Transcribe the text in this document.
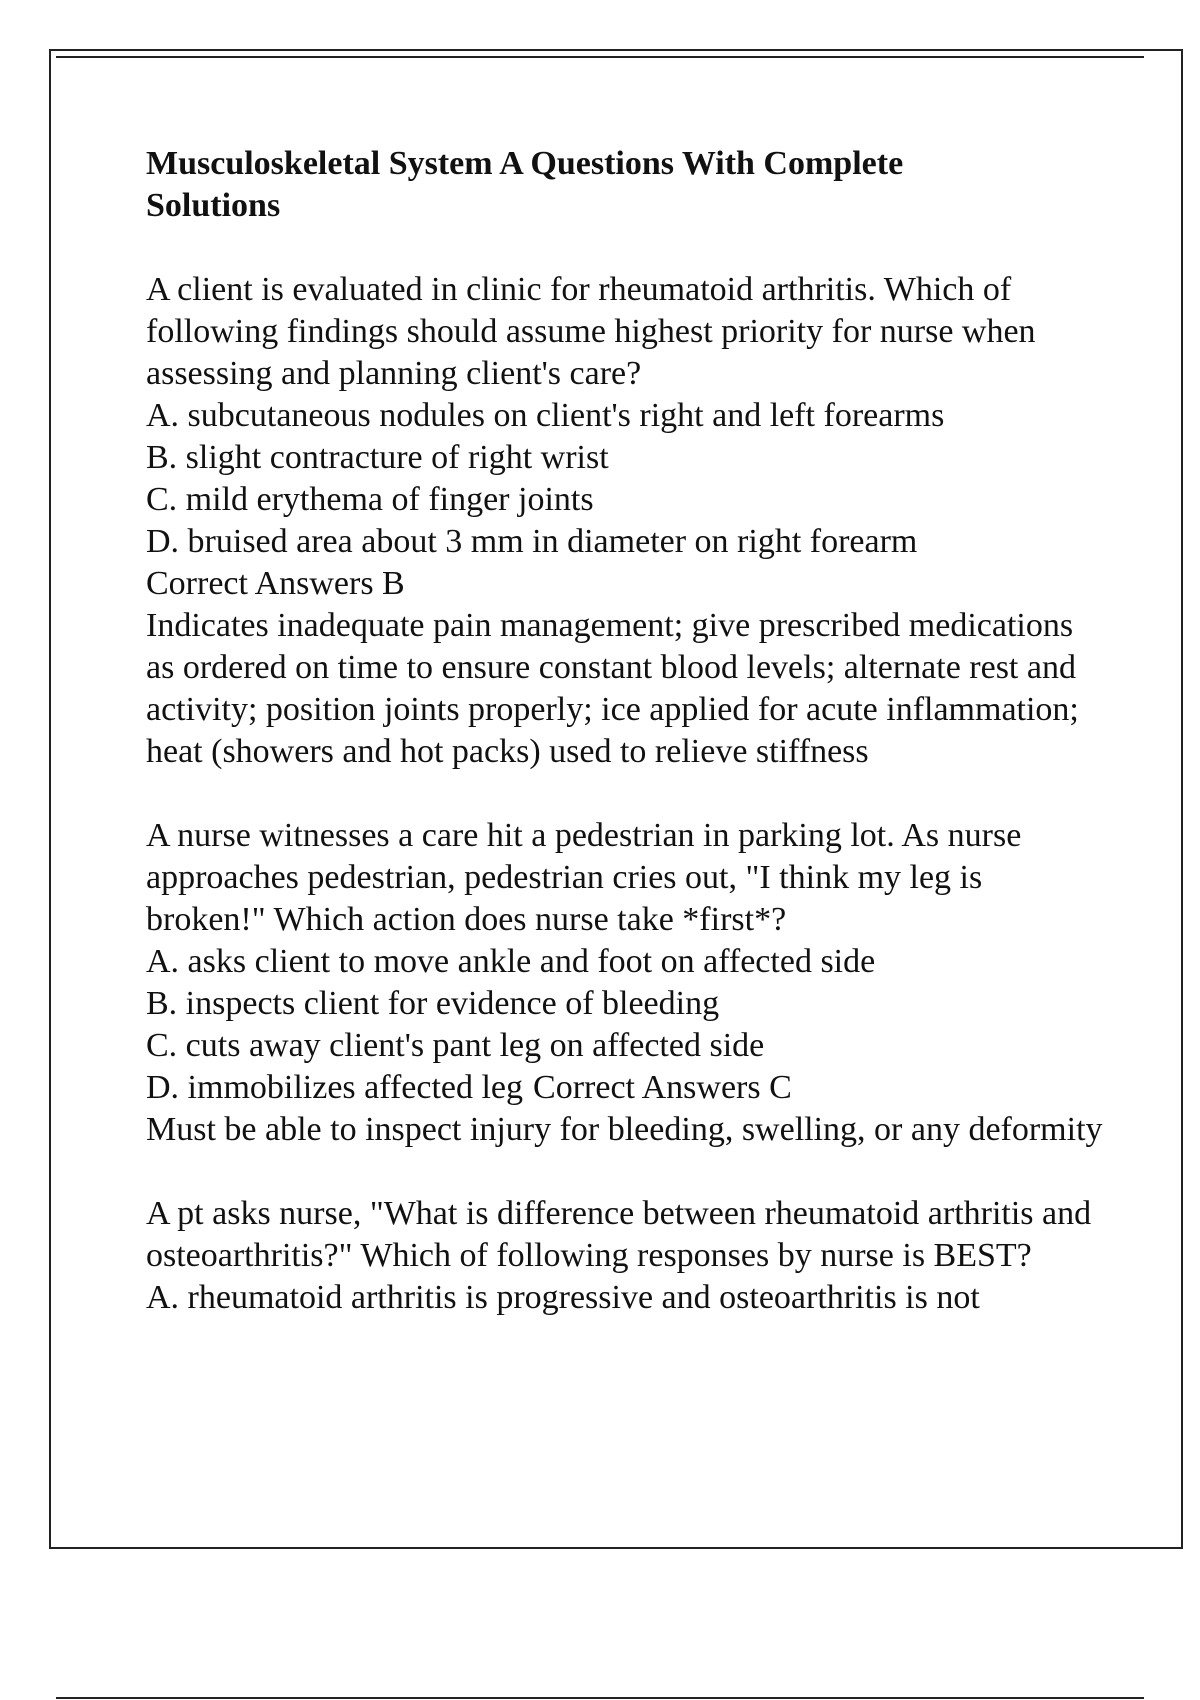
Musculoskeletal System A Questions With Complete Solutions

A client is evaluated in clinic for rheumatoid arthritis. Which of following findings should assume highest priority for nurse when assessing and planning client's care?

A. subcutaneous nodules on client's right and left forearms

B. slight contracture of right wrist

C. mild erythema of finger joints

D. bruised area about 3 mm in diameter on right forearm

Correct Answers B

Indicates inadequate pain management; give prescribed medications as ordered on time to ensure constant blood levels; alternate rest and activity; position joints properly; ice applied for acute inflammation; heat (showers and hot packs) used to relieve stiffness

A nurse witnesses a care hit a pedestrian in parking lot. As nurse approaches pedestrian, pedestrian cries out, "I think my leg is broken!" Which action does nurse take *first*?

A. asks client to move ankle and foot on affected side

B. inspects client for evidence of bleeding

C. cuts away client's pant leg on affected side

D. immobilizes affected leg Correct Answers C

Must be able to inspect injury for bleeding, swelling, or any deformity

A pt asks nurse, "What is difference between rheumatoid arthritis and osteoarthritis?" Which of following responses by nurse is BEST?

A. rheumatoid arthritis is progressive and osteoarthritis is not
